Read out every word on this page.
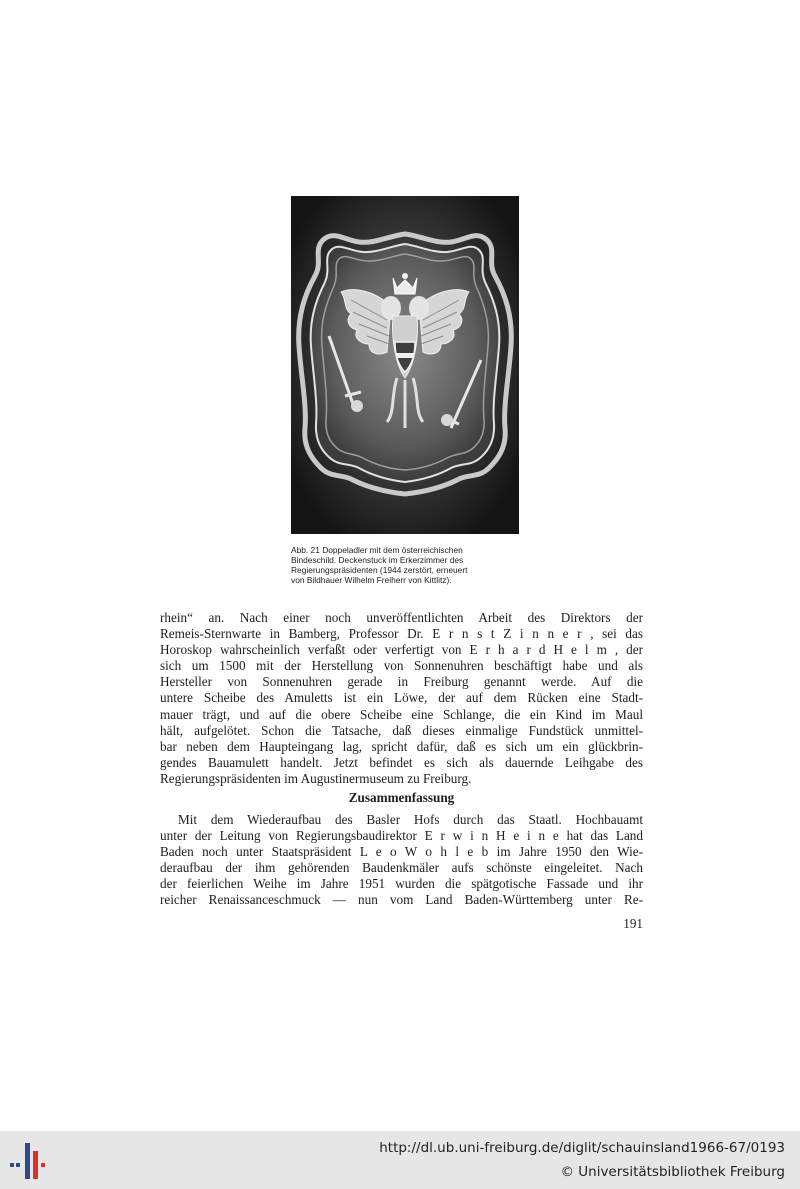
Abb. 21 Doppeladler mit dem österreichischen
Bindeschild. Deckenstuck im Erkerzimmer des
Regierungspräsidenten (1944 zerstört, erneuert
von Bildhauer Wilhelm Freiherr von Kittlitz).
rhein“ an. Nach einer noch unveröffentlichten Arbeit des Direktors der
Remeis-Sternwarte in Bamberg, Professor Dr. E r n s t Z i n n e r , sei das
Horoskop wahrscheinlich verfaßt oder verfertigt von E r h a r d H e l m , der
sich um 1500 mit der Herstellung von Sonnenuhren beschäftigt habe und als
Hersteller von Sonnenuhren gerade in Freiburg genannt werde. Auf die
untere Scheibe des Amuletts ist ein Löwe, der auf dem Rücken eine Stadt-
mauer trägt, und auf die obere Scheibe eine Schlange, die ein Kind im Maul
hält, aufgelötet. Schon die Tatsache, daß dieses einmalige Fundstück unmittel-
bar neben dem Haupteingang lag, spricht dafür, daß es sich um ein glückbrin-
gendes Bauamulett handelt. Jetzt befindet es sich als dauernde Leihgabe des
Regierungspräsidenten im Augustinermuseum zu Freiburg.
Zusammenfassung
Mit dem Wiederaufbau des Basler Hofs durch das Staatl. Hochbauamt
unter der Leitung von Regierungsbaudirektor E r w i n H e i n e hat das Land
Baden noch unter Staatspräsident L e o W o h l e b im Jahre 1950 den Wie-
deraufbau der ihm gehörenden Baudenkmäler aufs schönste eingeleitet. Nach
der feierlichen Weihe im Jahre 1951 wurden die spätgotische Fassade und ihr
reicher Renaissanceschmuck — nun vom Land Baden-Württemberg unter Re-
191
http://dl.ub.uni-freiburg.de/diglit/schauinsland1966-67/0193
© Universitätsbibliothek Freiburg
